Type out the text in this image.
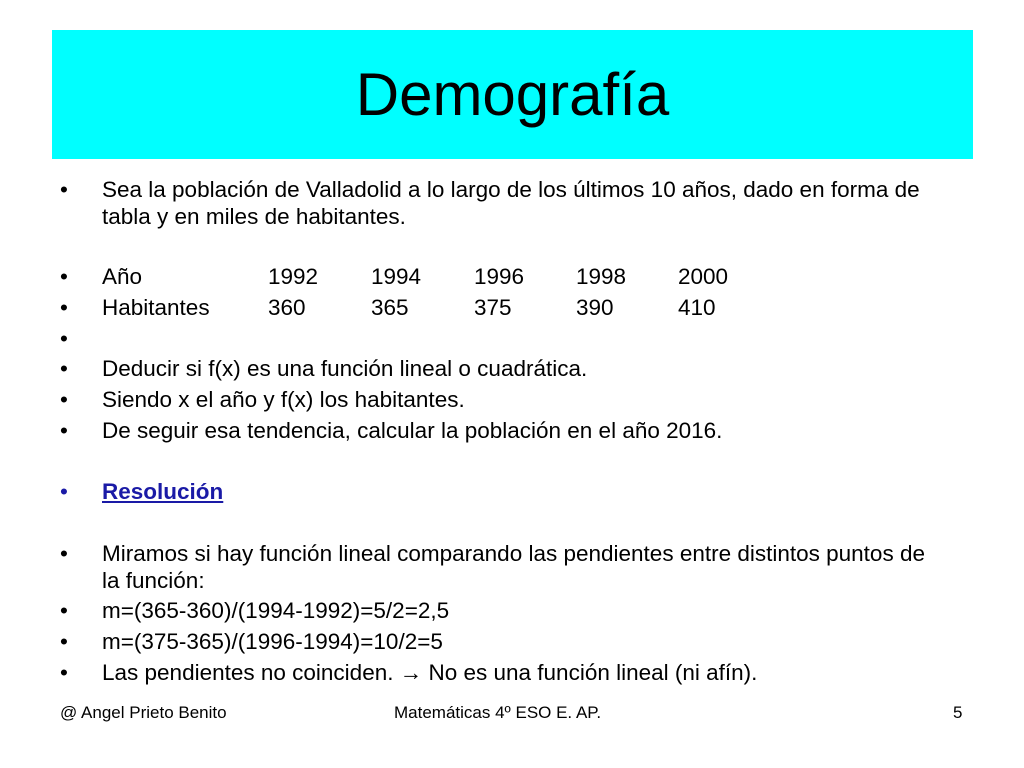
Demografía
• Sea la población de Valladolid a lo largo de los últimos 10 años, dado en forma de tabla y en miles de habitantes.
• Año	1992 1994 1996 1998 2000
• Habitantes	360	365	375	390	410
•
• Deducir si f(x) es una función lineal o cuadrática.
• Siendo x el año y f(x) los habitantes.
• De seguir esa tendencia, calcular la población en el año 2016.
• Resolución
• Miramos si hay función lineal comparando las pendientes entre distintos puntos de la función:
• m=(365-360)/(1994-1992)=5/2=2,5
• m=(375-365)/(1996-1994)=10/2=5
• Las pendientes no coinciden. → No es una función lineal (ni afín).
@ Angel Prieto Benito	Matemáticas 4º ESO E. AP.	5
